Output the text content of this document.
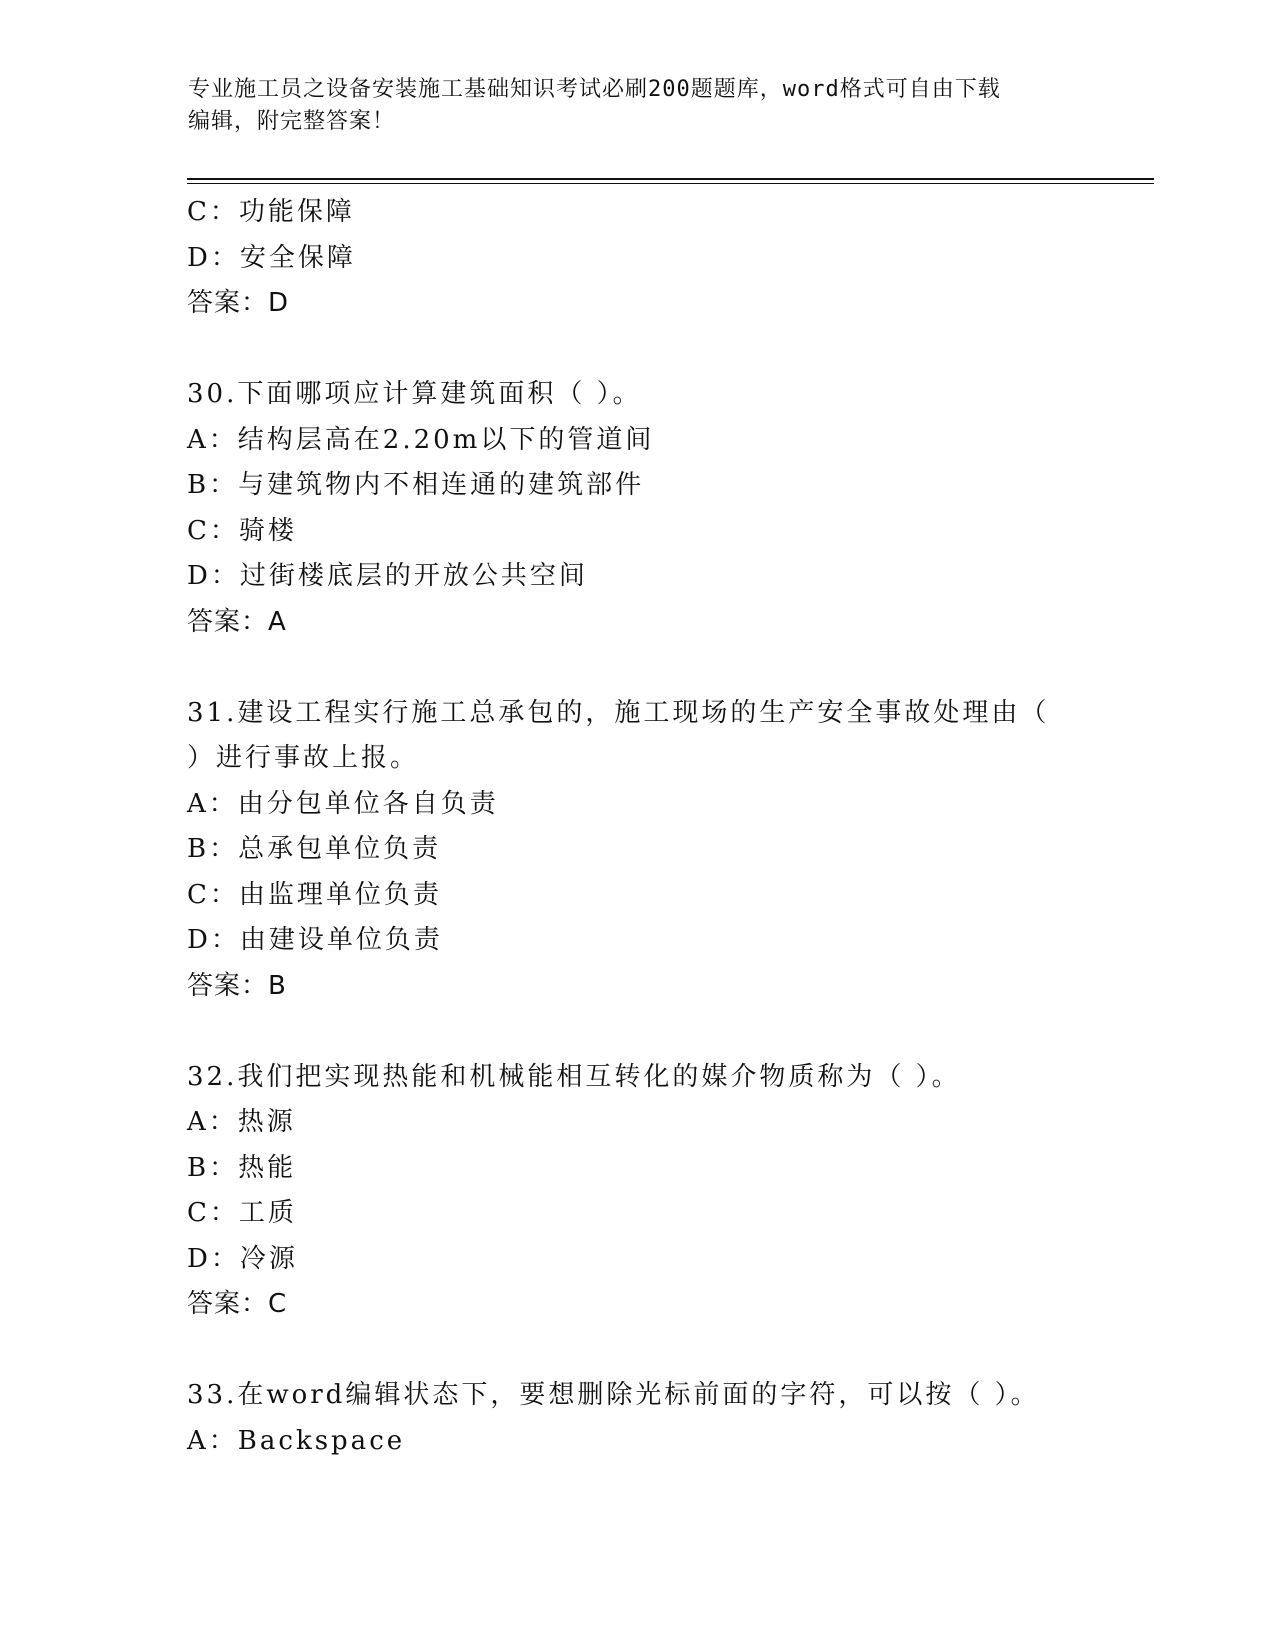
专业施工员之设备安装施工基础知识考试必刷200题题库，word格式可自由下载
编辑，附完整答案！
C：功能保障
D：安全保障
答案：D
30.下面哪项应计算建筑面积（ ）。
A：结构层高在2.20m以下的管道间
B：与建筑物内不相连通的建筑部件
C：骑楼
D：过街楼底层的开放公共空间
答案：A
31.建设工程实行施工总承包的，施工现场的生产安全事故处理由（
）进行事故上报。
A：由分包单位各自负责
B：总承包单位负责
C：由监理单位负责
D：由建设单位负责
答案：B
32.我们把实现热能和机械能相互转化的媒介物质称为（ ）。
A：热源
B：热能
C：工质
D：冷源
答案：C
33.在word编辑状态下，要想删除光标前面的字符，可以按（ ）。
A：Backspace
